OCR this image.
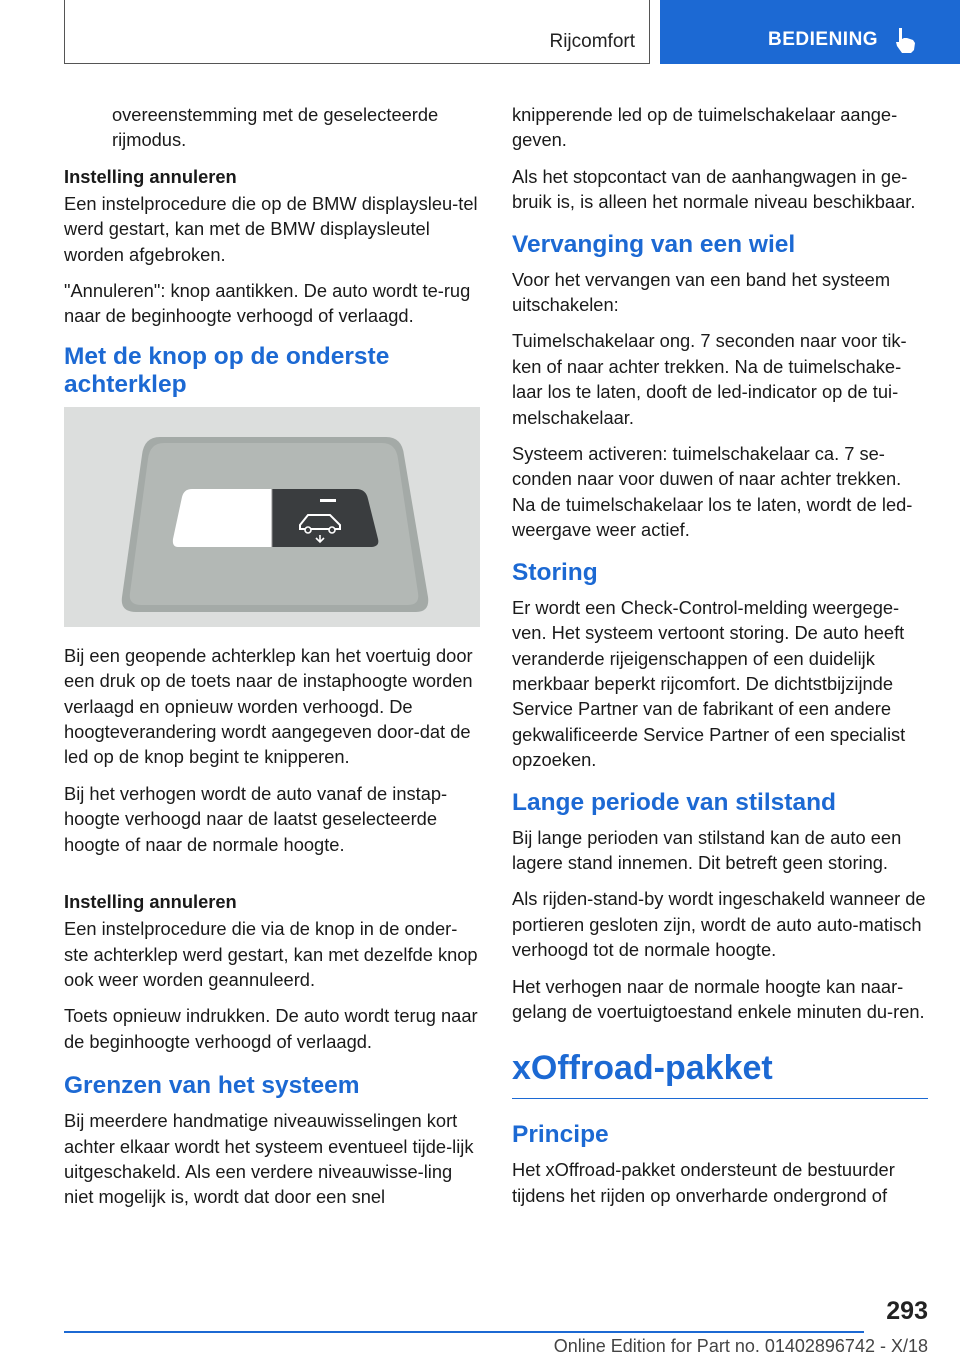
Rijcomfort	BEDIENING

overeenstemming met de geselecteerde rijmodus.

Instelling annuleren

Een instelprocedure die op de BMW displaysleu-tel werd gestart, kan met de BMW displaysleutel worden afgebroken.

"Annuleren": knop aantikken. De auto wordt te-rug naar de beginhoogte verhoogd of verlaagd.

Met de knop op de onderste achterklep

Bij een geopende achterklep kan het voertuig door een druk op de toets naar de instaphoogte worden verlaagd en opnieuw worden verhoogd. De hoogteverandering wordt aangegeven door-dat de led op de knop begint te knipperen.

Bij het verhogen wordt de auto vanaf de instap-hoogte verhoogd naar de laatst geselecteerde hoogte of naar de normale hoogte.

Instelling annuleren

Een instelprocedure die via de knop in de onder-ste achterklep werd gestart, kan met dezelfde knop ook weer worden geannuleerd.

Toets opnieuw indrukken. De auto wordt terug naar de beginhoogte verhoogd of verlaagd.

Grenzen van het systeem

Bij meerdere handmatige niveauwisselingen kort achter elkaar wordt het systeem eventueel tijde-lijk uitgeschakeld. Als een verdere niveauwisse-ling niet mogelijk is, wordt dat door een snel

knipperende led op de tuimelschakelaar aange-geven.

Als het stopcontact van de aanhangwagen in ge-bruik is, is alleen het normale niveau beschikbaar.

Vervanging van een wiel

Voor het vervangen van een band het systeem uitschakelen:

Tuimelschakelaar ong. 7 seconden naar voor tik-ken of naar achter trekken. Na de tuimelschake-laar los te laten, dooft de led-indicator op de tui-melschakelaar.

Systeem activeren: tuimelschakelaar ca. 7 se-conden naar voor duwen of naar achter trekken. Na de tuimelschakelaar los te laten, wordt de led-weergave weer actief.

Storing

Er wordt een Check-Control-melding weergege-ven. Het systeem vertoont storing. De auto heeft veranderde rijeigenschappen of een duidelijk merkbaar beperkt rijcomfort. De dichtstbijzijnde Service Partner van de fabrikant of een andere gekwalificeerde Service Partner of een specialist opzoeken.

Lange periode van stilstand

Bij lange perioden van stilstand kan de auto een lagere stand innemen. Dit betreft geen storing.

Als rijden-stand-by wordt ingeschakeld wanneer de portieren gesloten zijn, wordt de auto auto-matisch verhoogd tot de normale hoogte.

Het verhogen naar de normale hoogte kan naar-gelang de voertuigtoestand enkele minuten du-ren.

xOffroad-pakket
Principe

Het xOffroad-pakket ondersteunt de bestuurder tijdens het rijden op onverharde ondergrond of

293
Online Edition for Part no. 01402896742 - X/18
